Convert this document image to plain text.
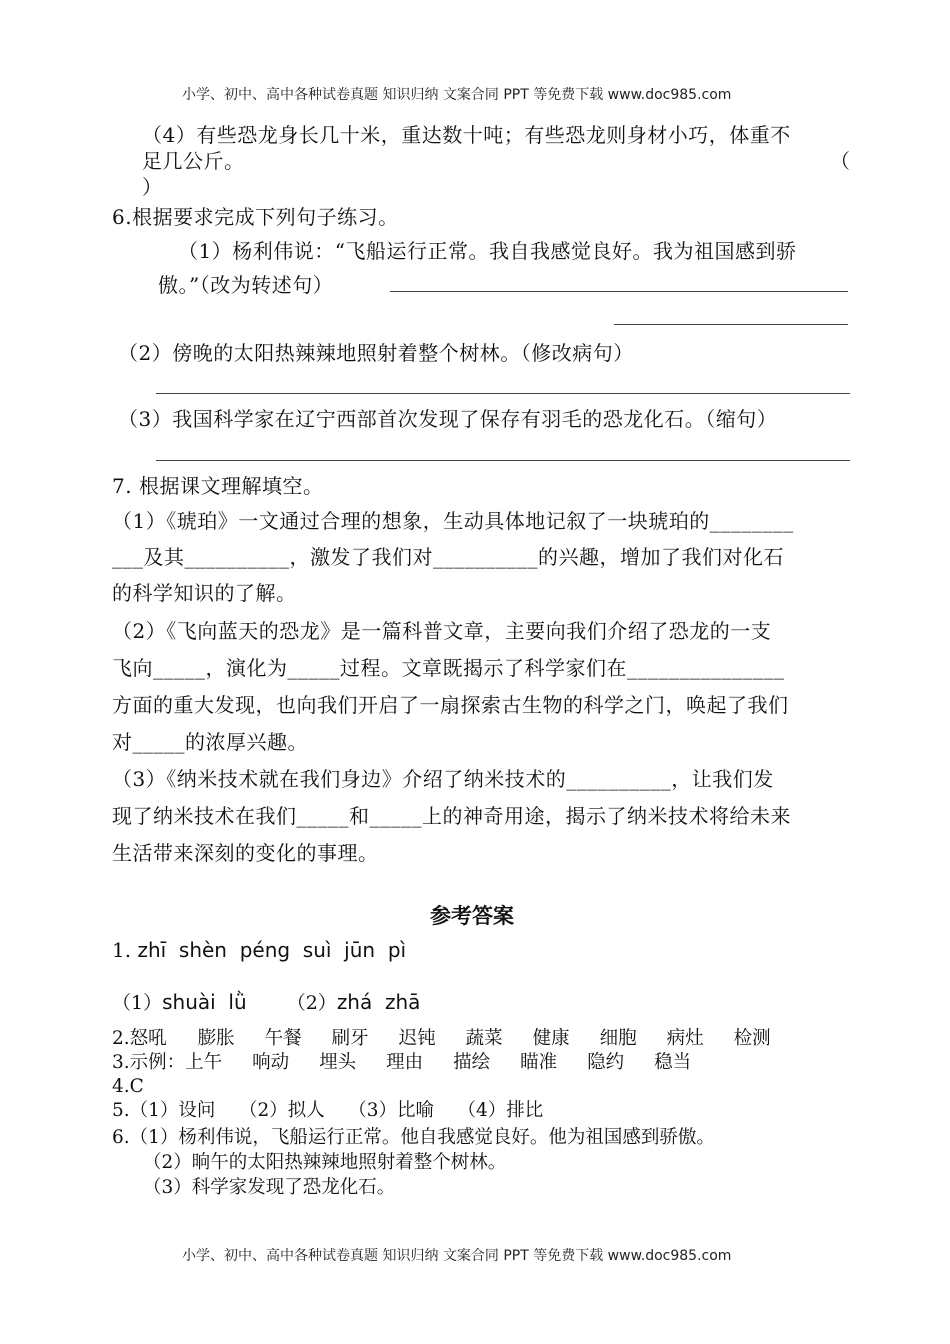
小学、初中、高中各种试卷真题 知识归纳 文案合同 PPT 等免费下载 www.doc985.com
（4）有些恐龙身长几十米，重达数十吨；有些恐龙则身材小巧，体重不
足几公斤。	（
）
6.根据要求完成下列句子练习。
（1）杨利伟说：“飞船运行正常。我自我感觉良好。我为祖国感到骄
傲。”（改为转述句）
（2）傍晚的太阳热辣辣地照射着整个树林。（修改病句）
（3）我国科学家在辽宁西部首次发现了保存有羽毛的恐龙化石。（缩句）
7. 根据课文理解填空。
（1）《琥珀》一文通过合理的想象，生动具体地记叙了一块琥珀的________
___及其__________，激发了我们对__________的兴趣，增加了我们对化石
的科学知识的了解。
（2）《飞向蓝天的恐龙》是一篇科普文章，主要向我们介绍了恐龙的一支
飞向_____，演化为_____过程。文章既揭示了科学家们在_______________
方面的重大发现，也向我们开启了一扇探索古生物的科学之门，唤起了我们
对_____的浓厚兴趣。
（3）《纳米技术就在我们身边》介绍了纳米技术的__________，让我们发
现了纳米技术在我们_____和_____上的神奇用途，揭示了纳米技术将给未来
生活带来深刻的变化的事理。
参考答案
1. zhī shèn péng suì jūn pì
（1）shuài  lǜ （2）zhá  zhā
2.怒吼 膨胀 午餐 刷牙 迟钝 蔬菜 健康 细胞 病灶 检测
3.示例：上午 响动 埋头 理由 描绘 瞄准 隐约 稳当
4.C
5.（1）设问    （2）拟人    （3）比喻    （4）排比
6.（1）杨利伟说，飞船运行正常。他自我感觉良好。他为祖国感到骄傲。
（2）晌午的太阳热辣辣地照射着整个树林。
（3）科学家发现了恐龙化石。
小学、初中、高中各种试卷真题 知识归纳 文案合同 PPT 等免费下载 www.doc985.com
